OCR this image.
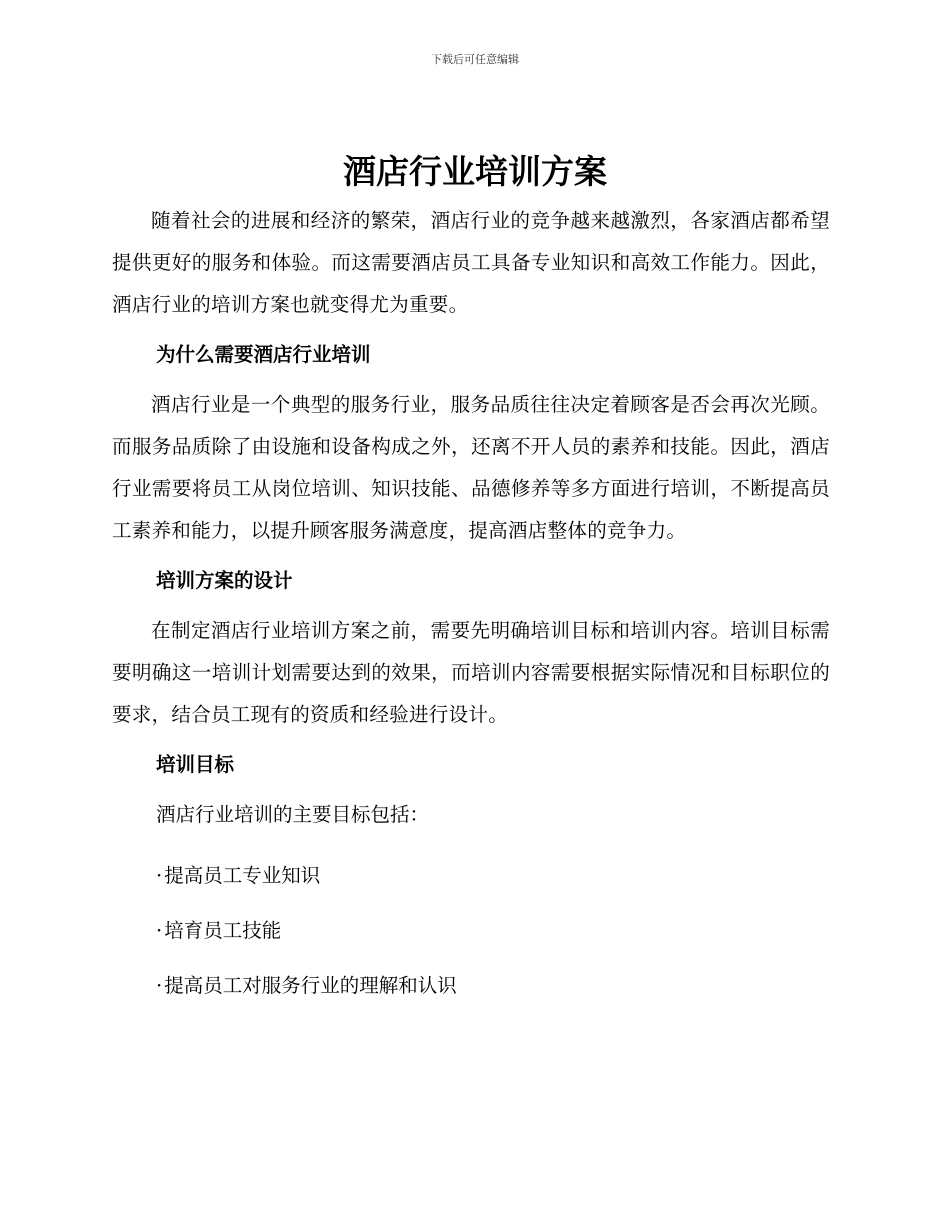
下载后可任意编辑
酒店行业培训方案

随着社会的进展和经济的繁荣，酒店行业的竞争越来越激烈，各家酒店都希望提供更好的服务和体验。而这需要酒店员工具备专业知识和高效工作能力。因此，酒店行业的培训方案也就变得尤为重要。

为什么需要酒店行业培训

酒店行业是一个典型的服务行业，服务品质往往决定着顾客是否会再次光顾。而服务品质除了由设施和设备构成之外，还离不开人员的素养和技能。因此，酒店行业需要将员工从岗位培训、知识技能、品德修养等多方面进行培训，不断提高员工素养和能力，以提升顾客服务满意度，提高酒店整体的竞争力。

培训方案的设计

在制定酒店行业培训方案之前，需要先明确培训目标和培训内容。培训目标需要明确这一培训计划需要达到的效果，而培训内容需要根据实际情况和目标职位的要求，结合员工现有的资质和经验进行设计。

培训目标

酒店行业培训的主要目标包括：

· 提高员工专业知识
· 培育员工技能
· 提高员工对服务行业的理解和认识
